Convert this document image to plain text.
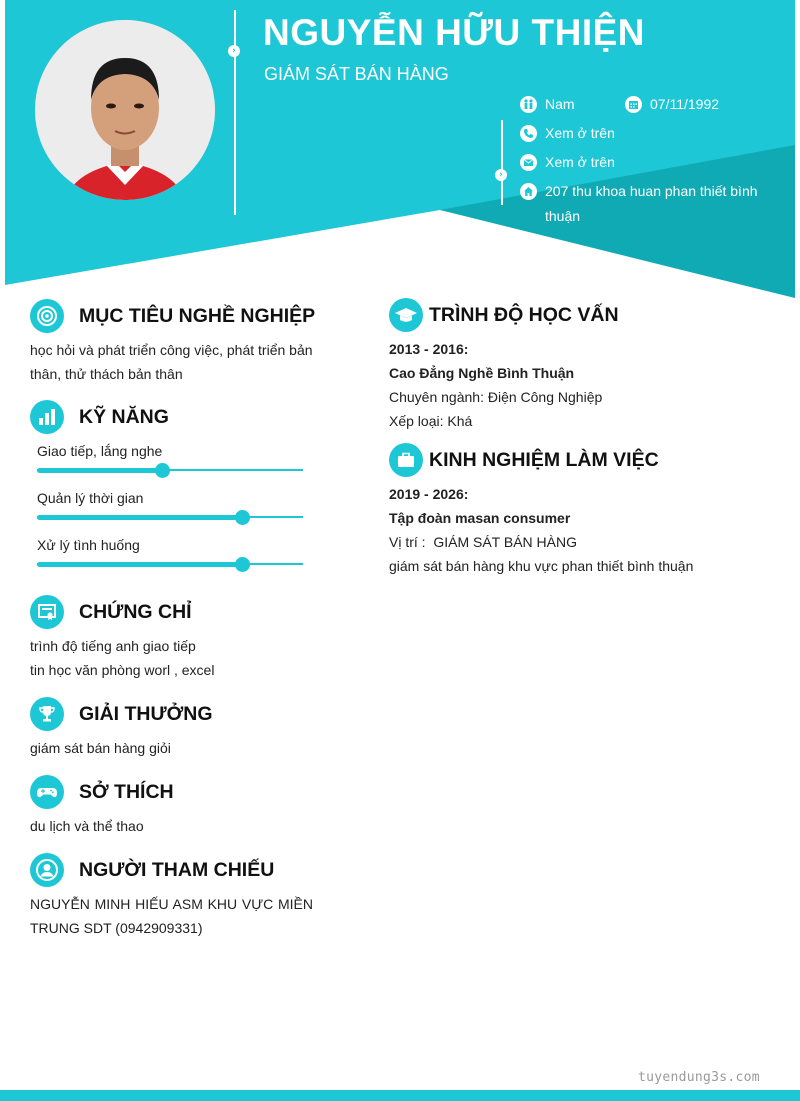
›
›
NGUYỄN HỮU THIỆN
GIÁM SÁT BÁN HÀNG
Nam	07/11/1992
Xem ở trên
Xem ở trên
207 thu khoa huan phan thiết bình thuận
MỤC TIÊU NGHỀ NGHIỆP
học hỏi và phát triển công việc, phát triển bản thân, thử thách bản thân
KỸ NĂNG
Giao tiếp, lắng nghe
Quản lý thời gian
Xử lý tình huống
CHỨNG CHỈ
trình độ tiếng anh giao tiếp
tin học văn phòng worl , excel
GIẢI THƯỞNG
giám sát bán hàng giỏi
SỞ THÍCH
du lịch và thể thao
NGƯỜI THAM CHIẾU
NGUYỄN MINH HIẾU ASM KHU VỰC MIỀN
TRUNG SDT (0942909331)
TRÌNH ĐỘ HỌC VẤN
2013 - 2016:
Cao Đẳng Nghề Bình Thuận
Chuyên ngành: Điện Công Nghiệp
Xếp loại: Khá
KINH NGHIỆM LÀM VIỆC
2019 - 2026:
Tập đoàn masan consumer
Vị trí :  GIÁM SÁT BÁN HÀNG
giám sát bán hàng khu vực phan thiết bình thuận
tuyendung3s.com
